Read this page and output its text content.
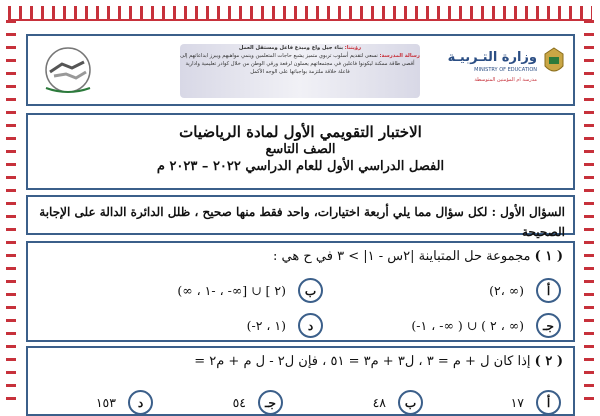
رؤيتنا: بناء جيل واع ومبدع فاعل ومستقل العمل
رسالة المدرسة: نسعى لتقديم أسلوب تربوي متميز يشبع حاجات المتعلمين وينمي مواهبهم ويبرز ابداعاتهم إلى أقصى طاقة ممكنة ليكونوا فاعلين في مجتمعاتهم يعملون لرفعة ورقي الوطن من خلال كوادر تعليمية وادارية فاعلة خلاقة ملتزمة بواجباتها على الوجه الأكمل
وزارة التـربيـة
MINISTRY OF EDUCATION
مدرسة ام المؤمنين المتوسطة
الاختبار التقويمي الأول لمادة الرياضيات
الصف التاسع
الفصل الدراسي الأول للعام الدراسي ٢٠٢٢ – ٢٠٢٣ م
السؤال الأول : لكل سؤال مما يلي أربعة اختيارات، واحد فقط منها صحيح ، ظلل الدائرة الدالة على الإجابة الصحيحة
( ١ ) مجموعة حل المتباينة |٢س - ١| > ٣ في ح هي :
أ
(٢، ∞)
ب
(∞ ، ٢ ] ∪ [∞- ، -١)
جـ
(-١ ، -∞ ) ∪ ( ٢ ، ∞)
د
(-١ ، ٢)
( ٢ ) إذا كان ل + م = ٣ ، ل٣ + م٣ = ٥١ ، فإن ل٢ - ل م + م٢ =
أ
١٧
ب
٤٨
جـ
٥٤
د
١٥٣
